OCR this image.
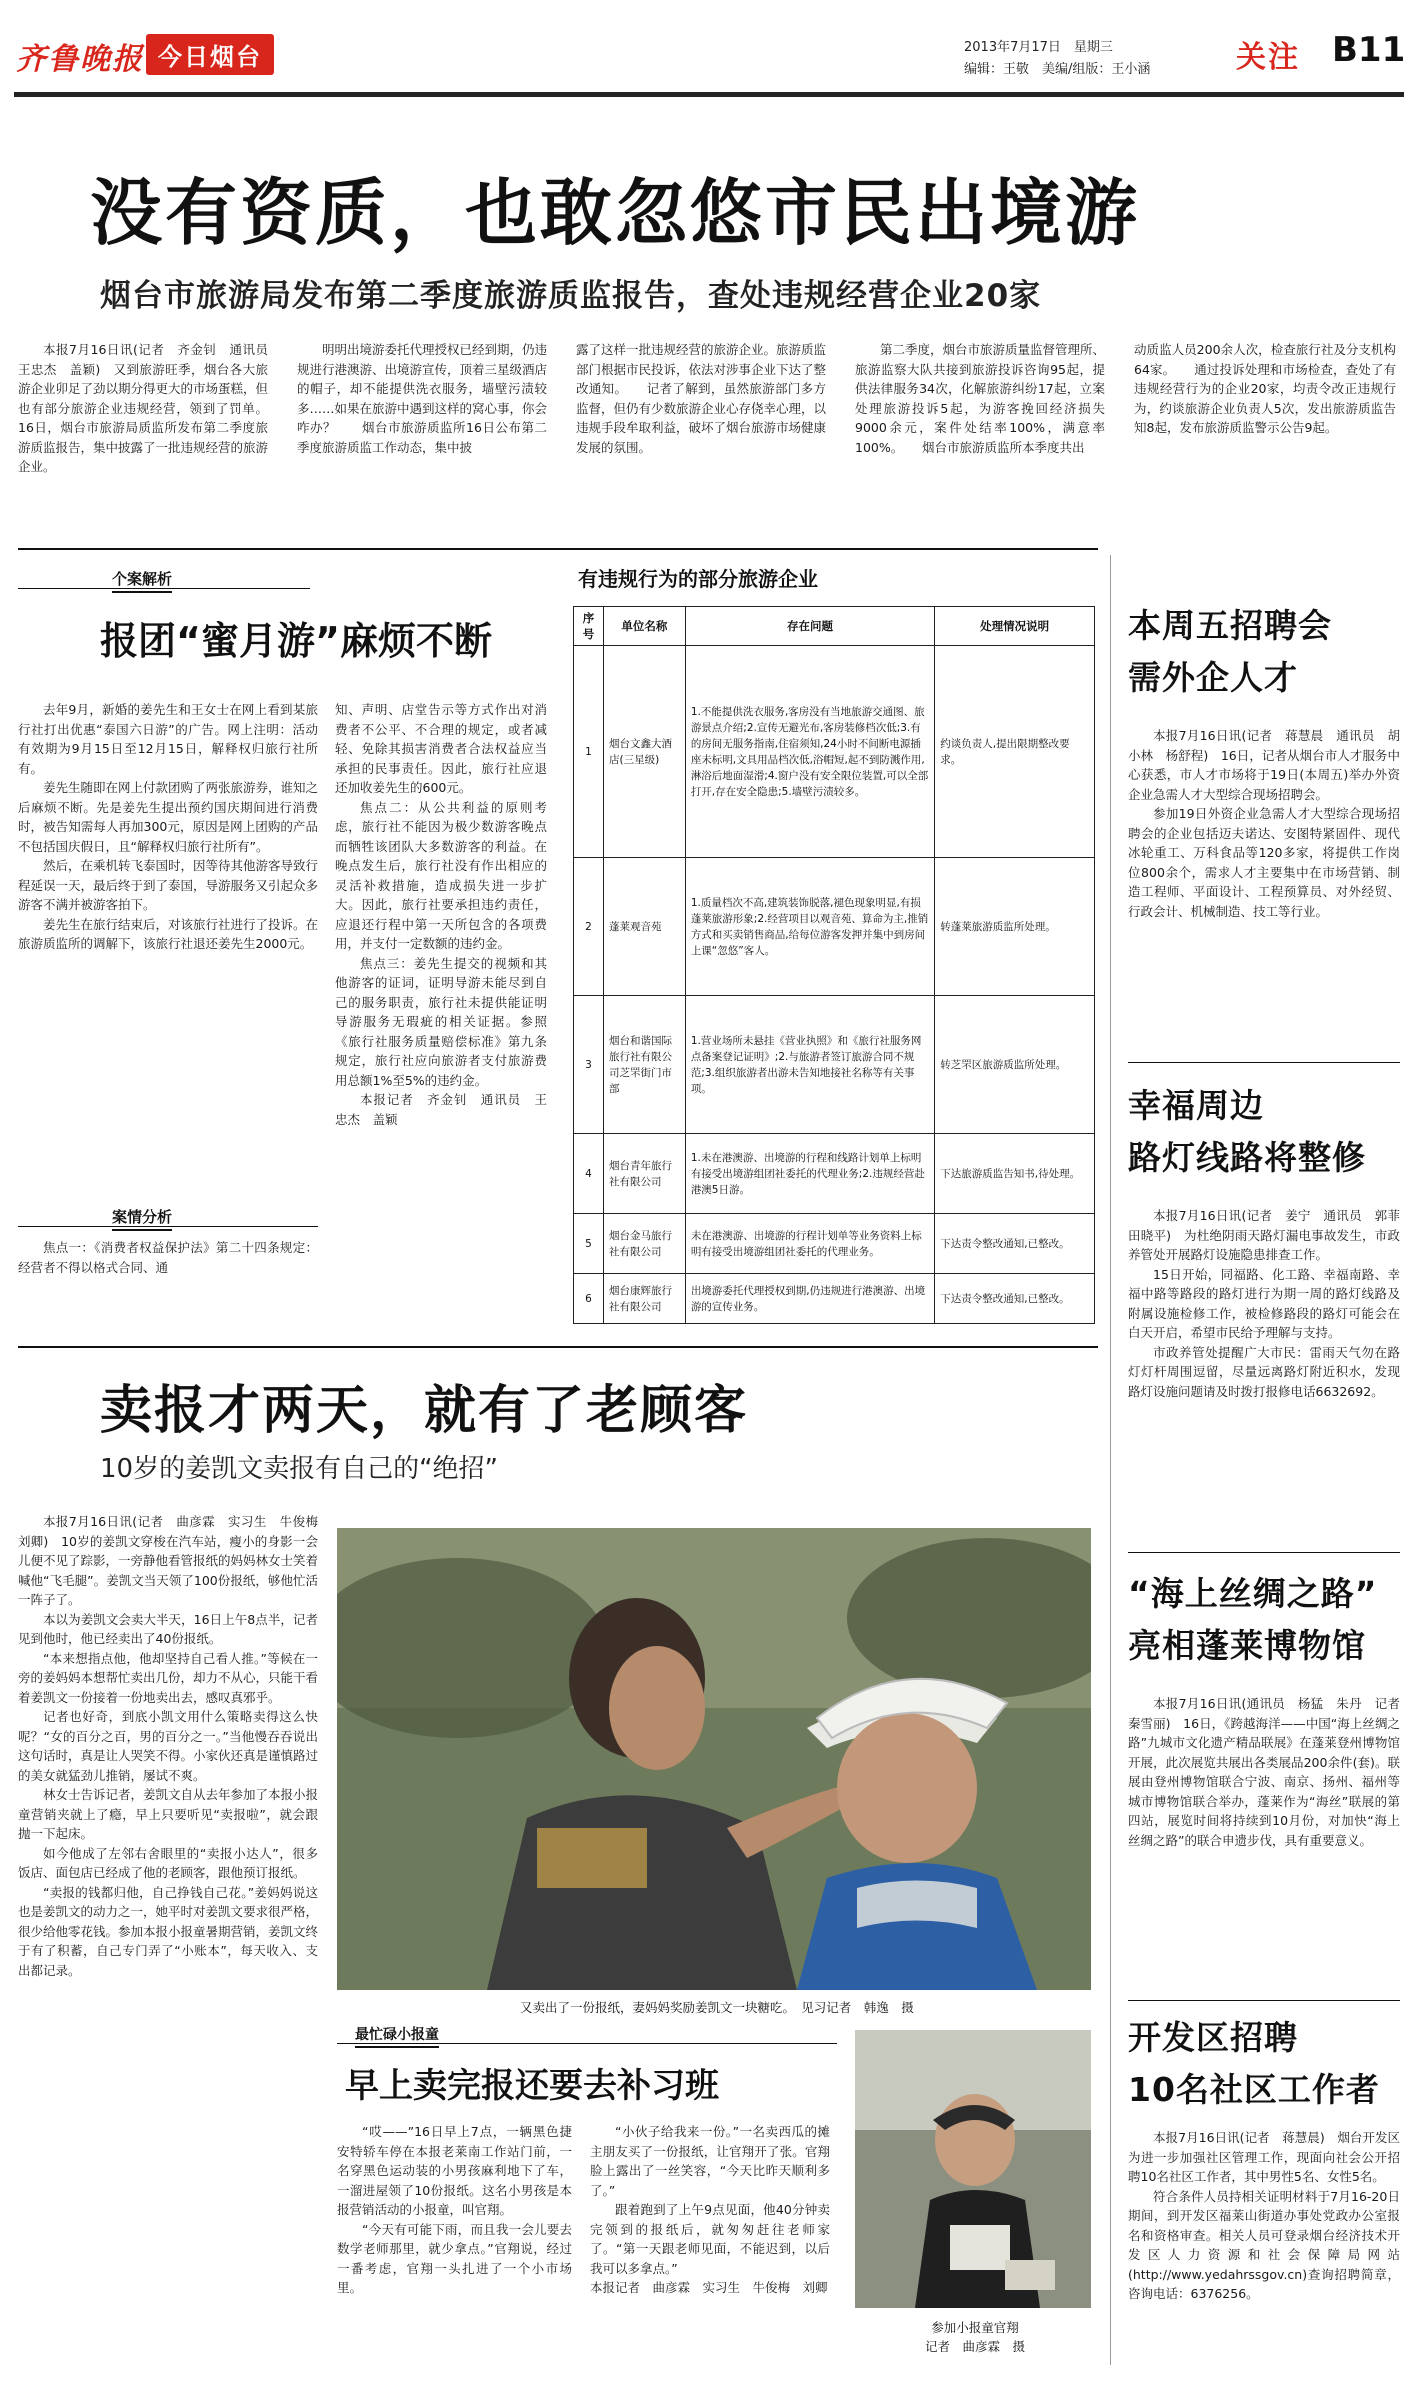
齐鲁晚报 今日烟台	2013年7月17日　星期三
编辑：王敬　美编/组版：王小涵	关注 B11
没有资质，也敢忽悠市民出境游
烟台市旅游局发布第二季度旅游质监报告，查处违规经营企业20家

本报7月16日讯(记者　齐金钊　通讯员　王忠杰　盖颖)　又到旅游旺季，烟台各大旅游企业卯足了劲以期分得更大的市场蛋糕，但也有部分旅游企业违规经营，领到了罚单。16日，烟台市旅游局质监所发布第二季度旅游质监报告，集中披露了一批违规经营的旅游企业。

明明出境游委托代理授权已经到期，仍违规进行港澳游、出境游宣传，顶着三星级酒店的帽子，却不能提供洗衣服务，墙壁污渍较多……如果在旅游中遇到这样的窝心事，你会咋办？　　烟台市旅游质监所16日公布第二季度旅游质监工作动态，集中披

露了这样一批违规经营的旅游企业。旅游质监部门根据市民投诉，依法对涉事企业下达了整改通知。　　记者了解到，虽然旅游部门多方监督，但仍有少数旅游企业心存侥幸心理，以违规手段牟取利益，破坏了烟台旅游市场健康发展的氛围。

第二季度，烟台市旅游质量监督管理所、旅游监察大队共接到旅游投诉咨询95起，提供法律服务34次，化解旅游纠纷17起，立案处理旅游投诉5起，为游客挽回经济损失9000余元，案件处结率100%，满意率100%。　　烟台市旅游质监所本季度共出

动质监人员200余人次，检查旅行社及分支机构64家。　　通过投诉处理和市场检查，查处了有违规经营行为的企业20家，均责令改正违规行为，约谈旅游企业负责人5次，发出旅游质监告知8起，发布旅游质监警示公告9起。

个案解析
报团“蜜月游”麻烦不断

去年9月，新婚的姜先生和王女士在网上看到某旅行社打出优惠“泰国六日游”的广告。网上注明：活动有效期为9月15日至12月15日，解释权归旅行社所有。

姜先生随即在网上付款团购了两张旅游券，谁知之后麻烦不断。先是姜先生提出预约国庆期间进行消费时，被告知需每人再加300元，原因是网上团购的产品不包括国庆假日，且“解释权归旅行社所有”。

然后，在乘机转飞泰国时，因等待其他游客导致行程延误一天，最后终于到了泰国，导游服务又引起众多游客不满并被游客拍下。

姜先生在旅行结束后，对该旅行社进行了投诉。在旅游质监所的调解下，该旅行社退还姜先生2000元。

案情分析

焦点一：《消费者权益保护法》第二十四条规定：经营者不得以格式合同、通

知、声明、店堂告示等方式作出对消费者不公平、不合理的规定，或者减轻、免除其损害消费者合法权益应当承担的民事责任。因此，旅行社应退还加收姜先生的600元。

焦点二：从公共利益的原则考虑，旅行社不能因为极少数游客晚点而牺牲该团队大多数游客的利益。在晚点发生后，旅行社没有作出相应的灵活补救措施，造成损失进一步扩大。因此，旅行社要承担违约责任，应退还行程中第一天所包含的各项费用，并支付一定数额的违约金。

焦点三：姜先生提交的视频和其他游客的证词，证明导游未能尽到自己的服务职责，旅行社未提供能证明导游服务无瑕疵的相关证据。参照《旅行社服务质量赔偿标准》第九条规定，旅行社应向旅游者支付旅游费用总额1%至5%的违约金。

本报记者　齐金钊　通讯员　王忠杰　盖颖

有违规行为的部分旅游企业
序号	单位名称	存在问题	处理情况说明
1	烟台文鑫大酒店(三星级)	1.不能提供洗衣服务,客房没有当地旅游交通图、旅游景点介绍;2.宣传无避光布,客房装修档次低;3.有的房间无服务指南,住宿须知,24小时不间断电源插座未标明,文具用品档次低,浴帽短,起不到防溅作用,淋浴后地面湿滑;4.窗户没有安全限位装置,可以全部打开,存在安全隐患;5.墙壁污渍较多。	约谈负责人,提出限期整改要求。
2	蓬莱观音苑	1.质量档次不高,建筑装饰脱落,褪色现象明显,有损蓬莱旅游形象;2.经营项目以观音苑、算命为主,推销方式和买卖销售商品,给每位游客发押并集中到房间上课“忽悠”客人。	转蓬莱旅游质监所处理。
3	烟台和谐国际旅行社有限公司芝罘街门市部	1.营业场所未悬挂《营业执照》和《旅行社服务网点备案登记证明》;2.与旅游者签订旅游合同不规范;3.组织旅游者出游未告知地接社名称等有关事项。	转芝罘区旅游质监所处理。
4	烟台青年旅行社有限公司	1.未在港澳游、出境游的行程和线路计划单上标明有接受出境游组团社委托的代理业务;2.违规经营赴港澳5日游。	下达旅游质监告知书,待处理。
5	烟台金马旅行社有限公司	未在港澳游、出境游的行程计划单等业务资料上标明有接受出境游组团社委托的代理业务。	下达责令整改通知,已整改。
6	烟台康辉旅行社有限公司	出境游委托代理授权到期,仍违规进行港澳游、出境游的宣传业务。	下达责令整改通知,已整改。
卖报才两天，就有了老顾客
10岁的姜凯文卖报有自己的“绝招”

本报7月16日讯(记者　曲彦霖　实习生　牛俊梅　刘卿)　10岁的姜凯文穿梭在汽车站，瘦小的身影一会儿便不见了踪影，一旁静他看管报纸的妈妈林女士笑着喊他“飞毛腿”。姜凯文当天领了100份报纸，够他忙活一阵子了。

本以为姜凯文会卖大半天，16日上午8点半，记者见到他时，他已经卖出了40份报纸。

“本来想指点他，他却坚持自己看人推。”等候在一旁的姜妈妈本想帮忙卖出几份，却力不从心，只能干看着姜凯文一份接着一份地卖出去，感叹真邪乎。

记者也好奇，到底小凯文用什么策略卖得这么快呢？“女的百分之百，男的百分之一。”当他慢吞吞说出这句话时，真是让人哭笑不得。小家伙还真是谨慎路过的美女就猛劲儿推销，屡试不爽。

林女士告诉记者，姜凯文自从去年参加了本报小报童营销夹就上了瘾，早上只要听见“卖报啦”，就会跟抛一下起床。

如今他成了左邻右舍眼里的“卖报小达人”，很多饭店、面包店已经成了他的老顾客，跟他预订报纸。

“卖报的钱都归他，自己挣钱自己花。”姜妈妈说这也是姜凯文的动力之一，她平时对姜凯文要求很严格，很少给他零花钱。参加本报小报童暑期营销，姜凯文终于有了积蓄，自己专门弄了“小账本”，每天收入、支出都记录。

又卖出了一份报纸，妻妈妈奖励姜凯文一块糖吃。　见习记者　韩逸　摄
最忙碌小报童
早上卖完报还要去补习班

“哎——”16日早上7点，一辆黑色捷安特轿车停在本报老莱南工作站门前，一名穿黑色运动装的小男孩麻利地下了车，一溜进屋领了10份报纸。这名小男孩是本报营销活动的小报童，叫官翔。

“今天有可能下雨，而且我一会儿要去数学老师那里，就少拿点。”官翔说，经过一番考虑，官翔一头扎进了一个小市场里。

“小伙子给我来一份。”一名卖西瓜的摊主朋友买了一份报纸，让官翔开了张。官翔脸上露出了一丝笑容，“今天比昨天顺利多了。”

跟着跑到了上午9点见面，他40分钟卖完领到的报纸后，就匆匆赶往老师家了。“第一天跟老师见面，不能迟到，以后我可以多拿点。”

本报记者　曲彦霖　实习生　牛俊梅　刘卿

参加小报童官翔
记者　曲彦霖　摄
本周五招聘会
需外企人才

本报7月16日讯(记者　蒋慧晨　通讯员　胡小林　杨舒程)　16日，记者从烟台市人才服务中心获悉，市人才市场将于19日(本周五)举办外资企业急需人才大型综合现场招聘会。

参加19日外资企业急需人才大型综合现场招聘会的企业包括迈夫诺达、安图特紧固件、现代冰轮重工、万科食品等120多家，将提供工作岗位800余个，需求人才主要集中在市场营销、制造工程师、平面设计、工程预算员、对外经贸、行政会计、机械制造、技工等行业。

幸福周边
路灯线路将整修

本报7月16日讯(记者　姜宁　通讯员　郭菲　田晓平)　为杜绝阴雨天路灯漏电事故发生，市政养管处开展路灯设施隐患排查工作。

15日开始，同福路、化工路、幸福南路、幸福中路等路段的路灯进行为期一周的路灯线路及附属设施检修工作，被检修路段的路灯可能会在白天开启，希望市民给予理解与支持。

市政养管处提醒广大市民：雷雨天气勿在路灯灯杆周围逗留，尽量远离路灯附近积水，发现路灯设施问题请及时拨打报修电话6632692。

“海上丝绸之路”
亮相蓬莱博物馆

本报7月16日讯(通讯员　杨猛　朱丹　记者　秦雪丽)　16日，《跨越海洋——中国“海上丝绸之路”九城市文化遗产精品联展》在蓬莱登州博物馆开展，此次展览共展出各类展品200余件(套)。联展由登州博物馆联合宁波、南京、扬州、福州等城市博物馆联合举办，蓬莱作为“海丝”联展的第四站，展览时间将持续到10月份，对加快“海上丝绸之路”的联合申遗步伐，具有重要意义。

开发区招聘
10名社区工作者

本报7月16日讯(记者　蒋慧晨)　烟台开发区为进一步加强社区管理工作，现面向社会公开招聘10名社区工作者，其中男性5名、女性5名。

符合条件人员持相关证明材料于7月16-20日期间，到开发区福莱山街道办事处党政办公室报名和资格审查。相关人员可登录烟台经济技术开发区人力资源和社会保障局网站(http://www.yedahrssgov.cn)查询招聘简章，咨询电话：6376256。
